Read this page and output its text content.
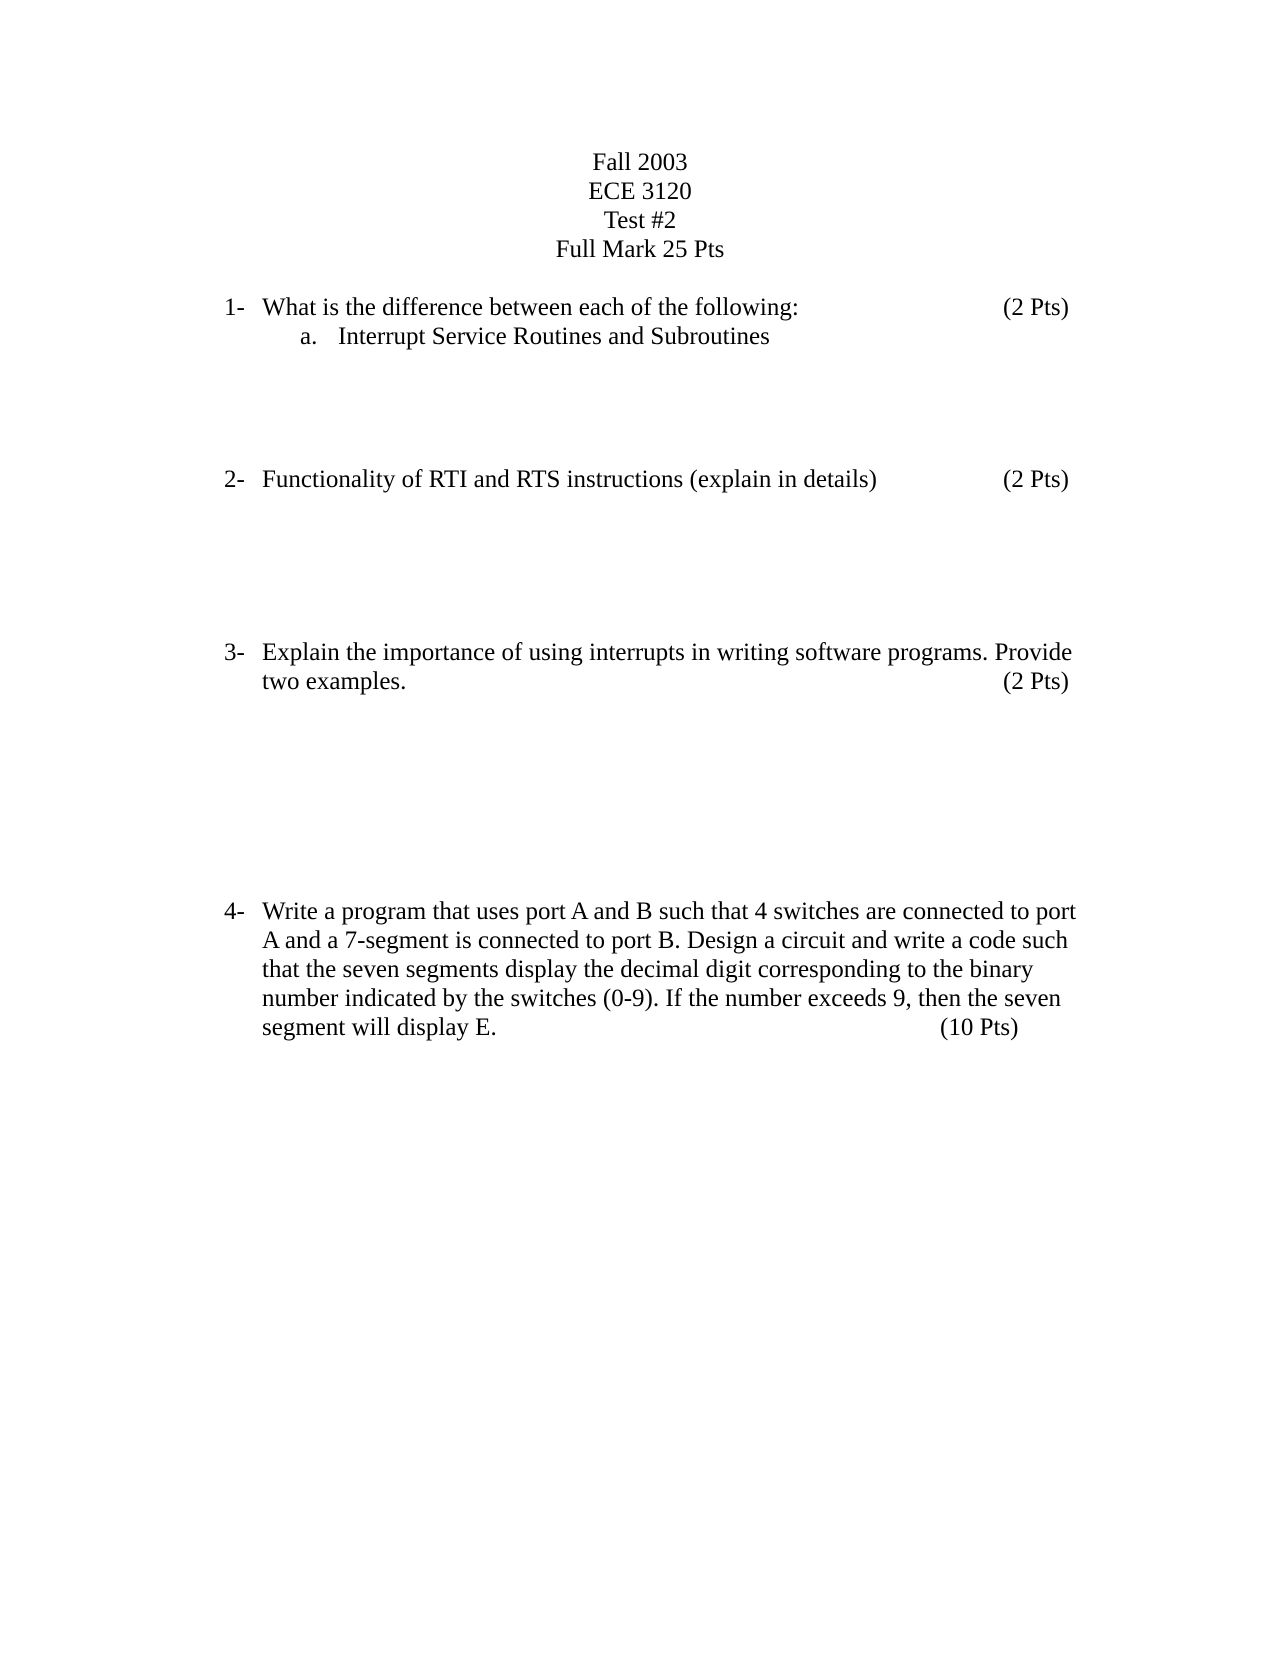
Fall 2003
ECE 3120
Test #2
Full Mark 25 Pts
1- What is the difference between each of the following:	(2 Pts)
a. Interrupt Service Routines and Subroutines
2- Functionality of RTI and RTS instructions (explain in details)	(2 Pts)
3- Explain the importance of using interrupts in writing software programs. Provide
two examples.	(2 Pts)
4- Write a program that uses port A and B such that 4 switches are connected to port
A and a 7-segment is connected to port B. Design a circuit and write a code such
that the seven segments display the decimal digit corresponding to the binary
number indicated by the switches (0-9). If the number exceeds 9, then the seven
segment will display E.	(10 Pts)
